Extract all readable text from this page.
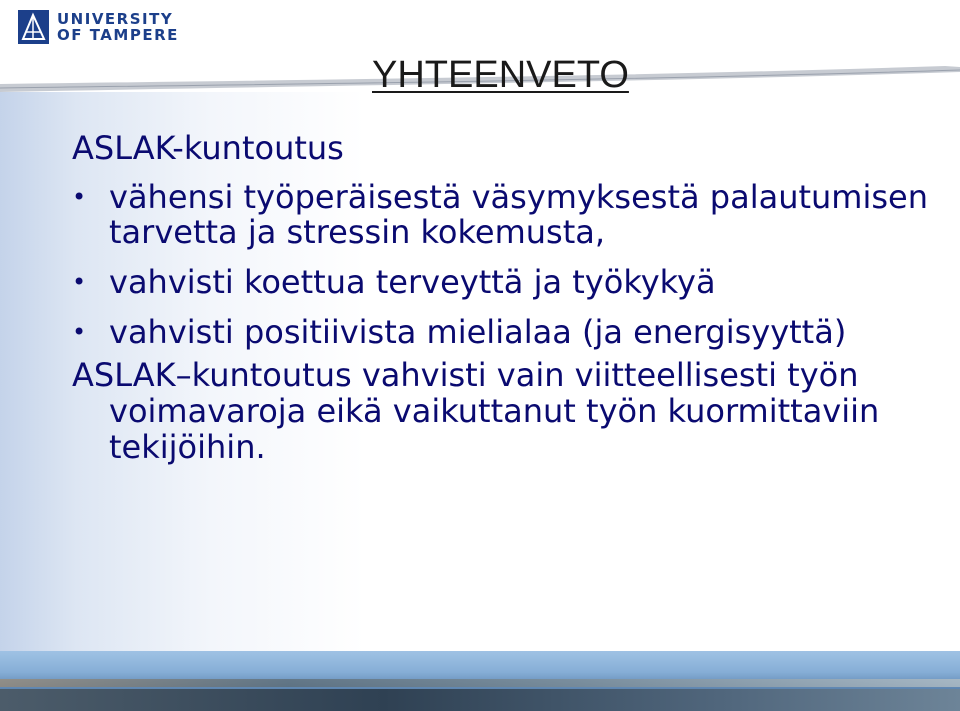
UNIVERSITY
OF TAMPERE
YHTEENVETO
ASLAK-kuntoutus
• vähensi työperäisestä väsymyksestä palautumisen tarvetta ja stressin kokemusta,
• vahvisti koettua terveyttä ja työkykyä
• vahvisti positiivista mielialaa (ja energisyyttä)

ASLAK–kuntoutus vahvisti vain viitteellisesti työn voimavaroja eikä vaikuttanut työn kuormittaviin tekijöihin.
